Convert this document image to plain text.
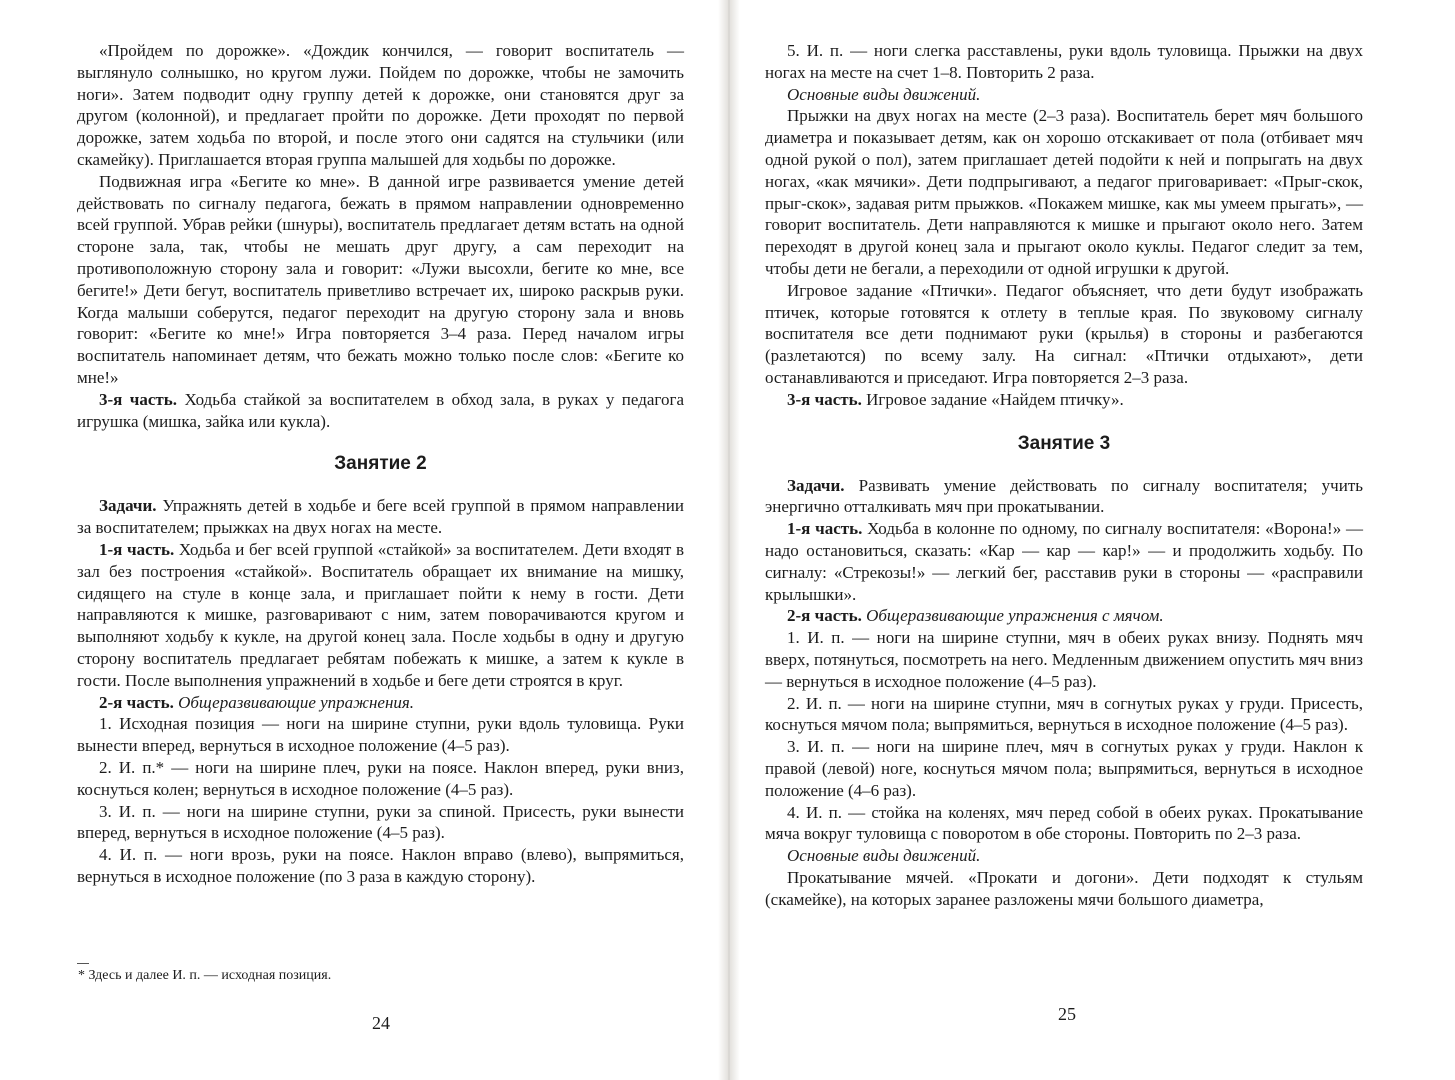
«Пройдем по дорожке». «Дождик кончился, — говорит воспитатель — выглянуло солнышко, но кругом лужи. Пойдем по дорожке, чтобы не замочить ноги». Затем подводит одну группу детей к дорожке, они становятся друг за другом (колонной), и предлагает пройти по дорожке. Дети проходят по первой дорожке, затем ходьба по второй, и после этого они садятся на стульчики (или скамейку). Приглашается вторая группа малышей для ходьбы по дорожке.

Подвижная игра «Бегите ко мне». В данной игре развивается умение детей действовать по сигналу педагога, бежать в прямом направлении одновременно всей группой. Убрав рейки (шнуры), воспитатель предлагает детям встать на одной стороне зала, так, чтобы не мешать друг другу, а сам переходит на противоположную сторону зала и говорит: «Лужи высохли, бегите ко мне, все бегите!» Дети бегут, воспитатель приветливо встречает их, широко раскрыв руки. Когда малыши соберутся, педагог переходит на другую сторону зала и вновь говорит: «Бегите ко мне!» Игра повторяется 3–4 раза. Перед началом игры воспитатель напоминает детям, что бежать можно только после слов: «Бегите ко мне!»

3-я часть. Ходьба стайкой за воспитателем в обход зала, в руках у педагога игрушка (мишка, зайка или кукла).

Занятие 2

Задачи. Упражнять детей в ходьбе и беге всей группой в прямом направлении за воспитателем; прыжках на двух ногах на месте.

1-я часть. Ходьба и бег всей группой «стайкой» за воспитателем. Дети входят в зал без построения «стайкой». Воспитатель обращает их внимание на мишку, сидящего на стуле в конце зала, и приглашает пойти к нему в гости. Дети направляются к мишке, разговаривают с ним, затем поворачиваются кругом и выполняют ходьбу к кукле, на другой конец зала. После ходьбы в одну и другую сторону воспитатель предлагает ребятам побежать к мишке, а затем к кукле в гости. После выполнения упражнений в ходьбе и беге дети строятся в круг.

2-я часть. Общеразвивающие упражнения.

1. Исходная позиция — ноги на ширине ступни, руки вдоль туловища. Руки вынести вперед, вернуться в исходное положение (4–5 раз).

2. И. п.* — ноги на ширине плеч, руки на поясе. Наклон вперед, руки вниз, коснуться колен; вернуться в исходное положение (4–5 раз).

3. И. п. — ноги на ширине ступни, руки за спиной. Присесть, руки вынести вперед, вернуться в исходное положение (4–5 раз).

4. И. п. — ноги врозь, руки на поясе. Наклон вправо (влево), выпрямиться, вернуться в исходное положение (по 3 раза в каждую сторону).

* Здесь и далее И. п. — исходная позиция.
24

5. И. п. — ноги слегка расставлены, руки вдоль туловища. Прыжки на двух ногах на месте на счет 1–8. Повторить 2 раза.

Основные виды движений.

Прыжки на двух ногах на месте (2–3 раза). Воспитатель берет мяч большого диаметра и показывает детям, как он хорошо отскакивает от пола (отбивает мяч одной рукой о пол), затем приглашает детей подойти к ней и попрыгать на двух ногах, «как мячики». Дети подпрыгивают, а педагог приговаривает: «Прыг-скок, прыг-скок», задавая ритм прыжков. «Покажем мишке, как мы умеем прыгать», — говорит воспитатель. Дети направляются к мишке и прыгают около него. Затем переходят в другой конец зала и прыгают около куклы. Педагог следит за тем, чтобы дети не бегали, а переходили от одной игрушки к другой.

Игровое задание «Птички». Педагог объясняет, что дети будут изображать птичек, которые готовятся к отлету в теплые края. По звуковому сигналу воспитателя все дети поднимают руки (крылья) в стороны и разбегаются (разлетаются) по всему залу. На сигнал: «Птички отдыхают», дети останавливаются и приседают. Игра повторяется 2–3 раза.

3-я часть. Игровое задание «Найдем птичку».

Занятие 3

Задачи. Развивать умение действовать по сигналу воспитателя; учить энергично отталкивать мяч при прокатывании.

1-я часть. Ходьба в колонне по одному, по сигналу воспитателя: «Ворона!» — надо остановиться, сказать: «Кар — кар — кар!» — и продолжить ходьбу. По сигналу: «Стрекозы!» — легкий бег, расставив руки в стороны — «расправили крылышки».

2-я часть. Общеразвивающие упражнения с мячом.

1. И. п. — ноги на ширине ступни, мяч в обеих руках внизу. Поднять мяч вверх, потянуться, посмотреть на него. Медленным движением опустить мяч вниз — вернуться в исходное положение (4–5 раз).

2. И. п. — ноги на ширине ступни, мяч в согнутых руках у груди. Присесть, коснуться мячом пола; выпрямиться, вернуться в исходное положение (4–5 раз).

3. И. п. — ноги на ширине плеч, мяч в согнутых руках у груди. Наклон к правой (левой) ноге, коснуться мячом пола; выпрямиться, вернуться в исходное положение (4–6 раз).

4. И. п. — стойка на коленях, мяч перед собой в обеих руках. Прокатывание мяча вокруг туловища с поворотом в обе стороны. Повторить по 2–3 раза.

Основные виды движений.

Прокатывание мячей. «Прокати и догони». Дети подходят к стульям (скамейке), на которых заранее разложены мячи большого диаметра,

25
